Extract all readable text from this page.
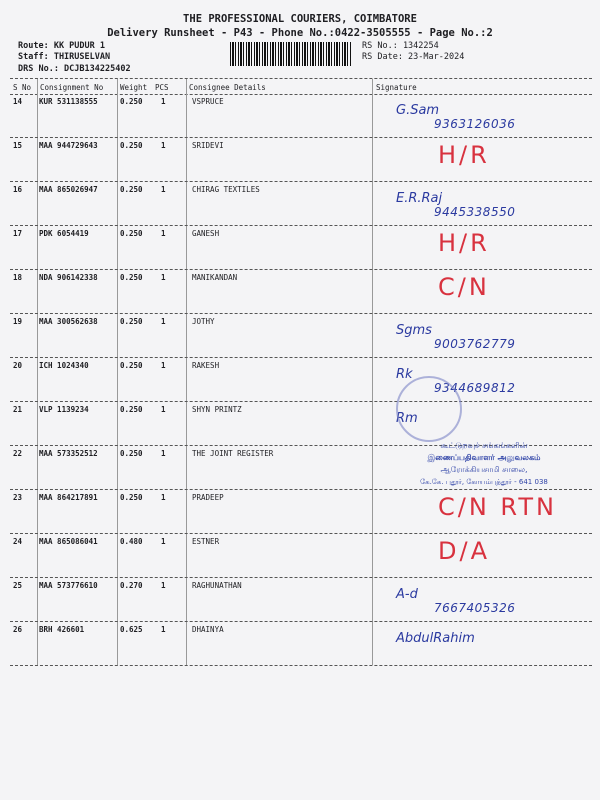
THE PROFESSIONAL COURIERS, COIMBATORE
Delivery Runsheet - P43 - Phone No.:0422-3505555 - Page No.:2
Route: KK PUDUR 1
Staff: THIRUSELVAN
DRS No.: DCJB134225402
RS No.: 1342254
RS Date: 23-Mar-2024
S No Consignment No Weight PCS	Consignee Details	Signature
14 KUR 531138555	0.250 1	VSPRUCE
G.Sam
9363126036
15 MAA 944729643	0.250 1	SRIDEVI	H/R
16 MAA 865026947	0.250 1	CHIRAG TEXTILES
E.R.Raj
9445338550
17 PDK 6054419	0.250 1	GANESH	H/R
18 NDA 906142338	0.250 1	MANIKANDAN	C/N
19 MAA 300562638	0.250 1	JOTHY
Sgms
9003762779
20 ICH 1024340	0.250 1	RAKESH
Rk
9344689812
21 VLP 1139234	0.250 1	SHYN PRINTZ
Rm
22 MAA 573352512	0.250 1	THE JOINT REGISTER
23 MAA 864217891	0.250 1	PRADEEP	C/N RTN
24 MAA 865086041	0.480 1	ESTNER	D/A
25 MAA 573776610	0.270 1	RAGHUNATHAN
A-d
7667405326
26 BRH 426601	0.625 1	DHAINYA
AbdulRahim
கூட்டுறவுச் சங்கங்களின்
இணைப்பதிவாளர் அலுவலகம்
ஆரோக்கியசாமி சாலை,
கே.கே. புதூர், கோயம்புத்தூர் - 641 038
